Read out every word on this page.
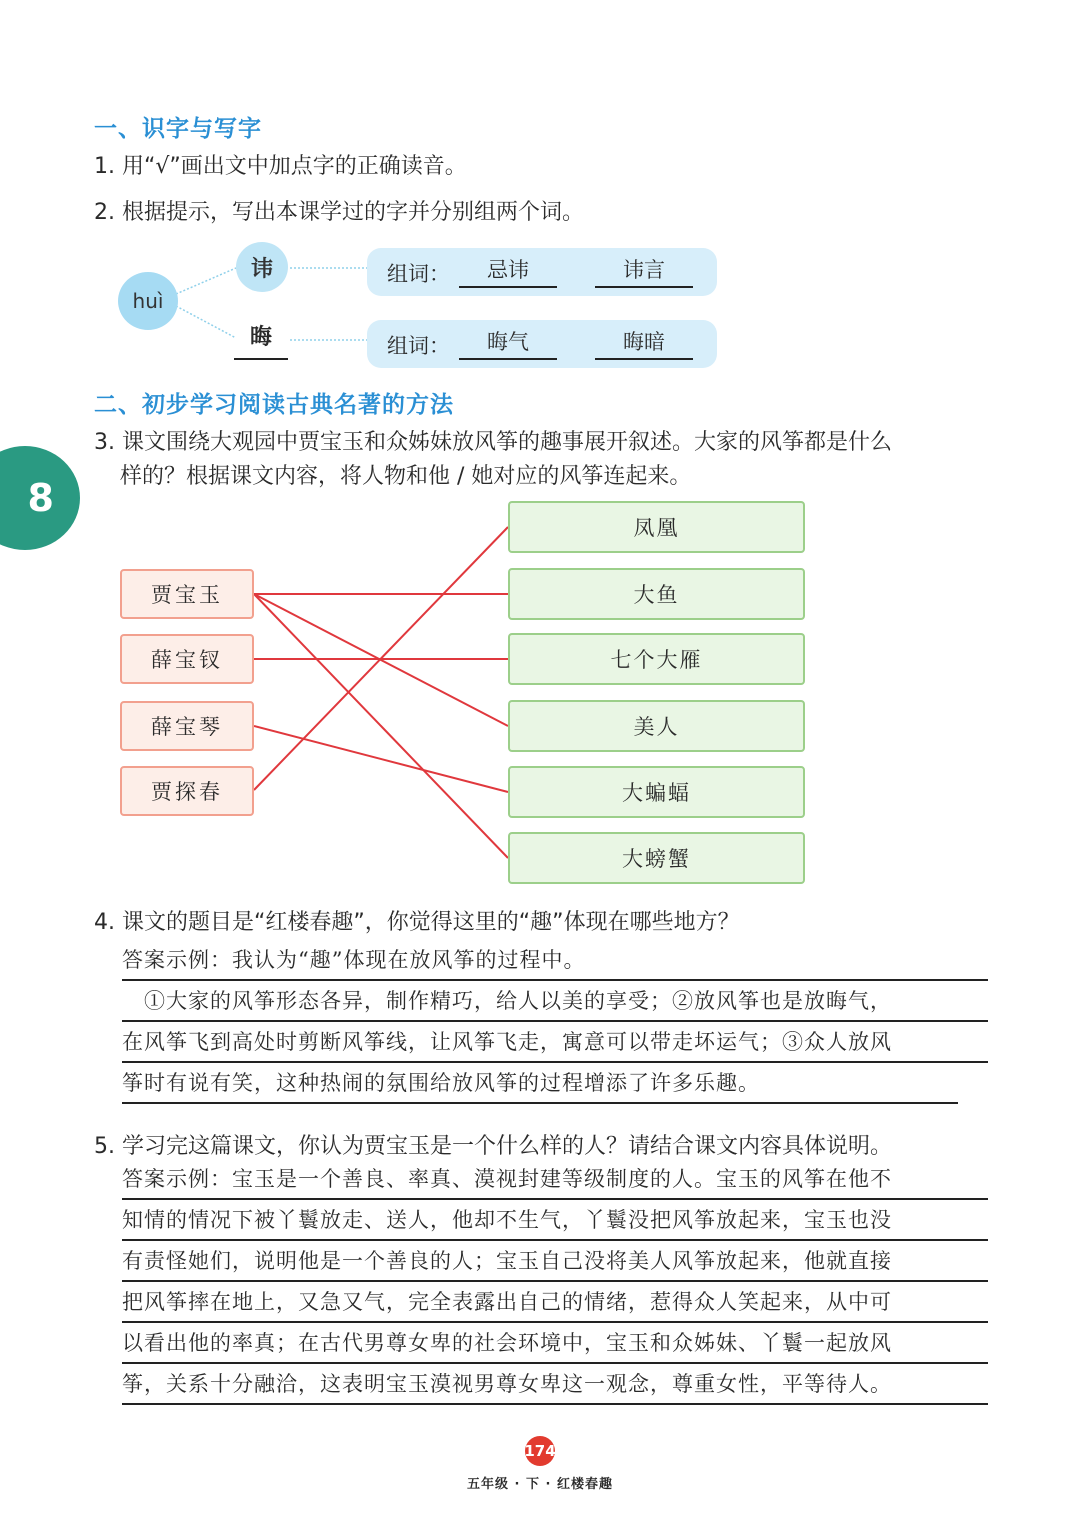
8
一、识字与写字
1. 用“√”画出文中加点字的正确读音。
2. 根据提示，写出本课学过的字并分别组两个词。
huì
讳
晦
组词：	忌讳	讳言
组词：	晦气	晦暗
二、初步学习阅读古典名著的方法
3. 课文围绕大观园中贾宝玉和众姊妹放风筝的趣事展开叙述。大家的风筝都是什么
样的？根据课文内容，将人物和他 / 她对应的风筝连起来。
贾宝玉
薛宝钗
薛宝琴
贾探春
凤凰
大鱼
七个大雁
美人
大蝙蝠
大螃蟹
4. 课文的题目是“红楼春趣”，你觉得这里的“趣”体现在哪些地方？
答案示例：我认为“趣”体现在放风筝的过程中。
　①大家的风筝形态各异，制作精巧，给人以美的享受；②放风筝也是放晦气，
在风筝飞到高处时剪断风筝线，让风筝飞走，寓意可以带走坏运气；③众人放风
筝时有说有笑，这种热闹的氛围给放风筝的过程增添了许多乐趣。
5. 学习完这篇课文，你认为贾宝玉是一个什么样的人？请结合课文内容具体说明。
答案示例：宝玉是一个善良、率真、漠视封建等级制度的人。宝玉的风筝在他不
知情的情况下被丫鬟放走、送人，他却不生气，丫鬟没把风筝放起来，宝玉也没
有责怪她们，说明他是一个善良的人；宝玉自己没将美人风筝放起来，他就直接
把风筝摔在地上，又急又气，完全表露出自己的情绪，惹得众人笑起来，从中可
以看出他的率真；在古代男尊女卑的社会环境中，宝玉和众姊妹、丫鬟一起放风
筝，关系十分融洽，这表明宝玉漠视男尊女卑这一观念，尊重女性，平等待人。
174
五年级 · 下 · 红楼春趣
